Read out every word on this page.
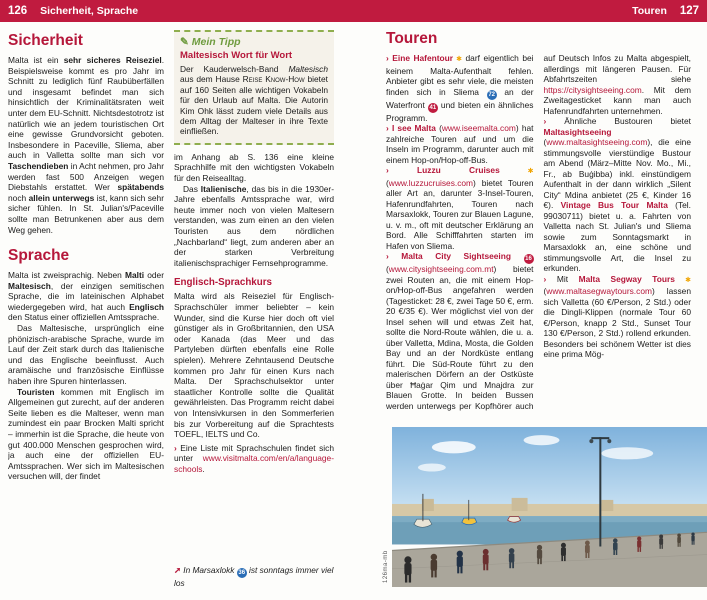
126 Sicherheit, Sprache	Touren 127
Sicherheit

Malta ist ein sehr sicheres Reiseziel. Beispielsweise kommt es pro Jahr im Schnitt zu lediglich fünf Raubüberfällen und insgesamt befindet man sich hinsichtlich der Kriminalitätsraten weit unter dem EU-Schnitt. Nichtsdestotrotz ist natürlich wie an jedem touristischen Ort eine gewisse Grundvorsicht geboten. Insbesondere in Paceville, Sliema, aber auch in Valletta sollte man sich vor Taschendieben in Acht nehmen, pro Jahr werden fast 500 Anzeigen wegen Diebstahls erstattet. Wer spätabends noch allein unterwegs ist, kann sich sehr sicher fühlen. In St. Julian's/Paceville sollte man Betrunkenen aber aus dem Weg gehen.

Sprache

Malta ist zweisprachig. Neben Malti oder Maltesisch, der einzigen semitischen Sprache, die im lateinischen Alphabet wiedergegeben wird, hat auch Englisch den Status einer offiziellen Amtssprache.

Das Maltesische, ursprünglich eine phönizisch-arabische Sprache, wurde im Lauf der Zeit stark durch das Italienische und das Englische beeinflusst. Auch aramäische und französische Einflüsse haben ihre Spuren hinterlassen.

Touristen kommen mit Englisch im Allgemeinen gut zurecht, auf der anderen Seite lieben es die Malteser, wenn man zumindest ein paar Brocken Malti spricht – immerhin ist die Sprache, die heute von gut 400.000 Menschen gesprochen wird, ja auch eine der offiziellen EU-Amtssprachen. Wer sich im Maltesischen versuchen will, der findet

✎ Mein Tipp
Maltesisch Wort für Wort

Der Kauderwelsch-Band Maltesisch aus dem Hause Reise Know-How bietet auf 160 Seiten alle wichtigen Vokabeln für den Urlaub auf Malta. Die Autorin Kim Ohk lässt zudem viele Details aus dem Alltag der Malteser in ihre Texte einfließen.

im Anhang ab S. 136 eine kleine Sprachhilfe mit den wichtigsten Vokabeln für den Reisealltag.

Das Italienische, das bis in die 1930er-Jahre ebenfalls Amtssprache war, wird heute immer noch von vielen Maltesern verstanden, was zum einen an den vielen Touristen aus dem nördlichen „Nachbarland“ liegt, zum anderen aber an der starken Verbreitung italienischsprachiger Fernsehprogramme.

Englisch-Sprachkurs

Malta wird als Reiseziel für Englisch-Sprachschüler immer beliebter – kein Wunder, sind die Kurse hier doch oft viel günstiger als in Großbritannien, den USA oder Kanada (das Meer und das Partyleben dürften ebenfalls eine Rolle spielen). Mehrere Zehntausend Deutsche kommen pro Jahr für einen Kurs nach Malta. Der Sprachschulsektor unter staatlicher Kontrolle sollte die Qualität gewährleisten. Das Programm reicht dabei von Intensivkursen in den Sommerferien bis zur Vorbereitung auf die Sprachtests TOEFL, IELTS und Co.

› Eine Liste mit Sprachschulen findet sich unter www.visitmalta.com/en/a/language-schools.

➚ In Marsaxlokk 36 ist sonntags immer viel los

Touren

› Eine Hafentour ✱ darf eigentlich bei keinem Malta-Aufenthalt fehlen. Anbieter gibt es sehr viele, die meisten finden sich in Sliema 72 an der Waterfront 41 und bieten ein ähnliches Programm.

› I see Malta (www.iseemalta.com) hat zahlreiche Touren auf und um die Inseln im Programm, darunter auch mit einem Hop-on/Hop-off-Bus.

› Luzzu Cruises ✱ (www.luzzucruises.com) bietet Touren aller Art an, darunter 3-Insel-Touren, Hafenrundfahrten, Touren nach Marsaxlokk, Touren zur Blauen Lagune, u. v. m., oft mit deutscher Erklärung an Bord. Alle Schifffahrten starten im Hafen von Sliema.

› Malta City Sightseeing 16 (www.citysightseeing.com.mt) bietet zwei Routen an, die mit einem Hop-on/Hop-off-Bus angefahren werden (Tagesticket: 28 €, zwei Tage 50 €, erm. 20 €/35 €). Wer möglichst viel von der Insel sehen will und etwas Zeit hat, sollte die Nord-Route wählen, die u. a. über Valletta, Mdina, Mosta, die Golden Bay und an der Nordküste entlang führt. Die Süd-Route führt zu den malerischen Dörfern an der Ostküste über Ħaġar Qim und Mnajdra zur Blauen Grotte. In beiden Bussen werden unterwegs per Kopfhörer auch auf Deutsch Infos zu Malta abgespielt, allerdings mit längeren Pausen. Für Abfahrtszeiten siehe https://citysightseeing.com. Mit dem Zweitagesticket kann man auch Hafenrundfahrten unternehmen.

› Ähnliche Bustouren bietet Maltasightseeing (www.maltasightseeing.com), die eine stimmungsvolle vierstündige Bustour am Abend (März–Mitte Nov. Mo., Mi., Fr., ab Buġibba) inkl. einstündigem Aufenthalt in der dann wirklich „Silent City“ Mdina anbietet (25 €, Kinder 16 €). Vintage Bus Tour Malta (Tel. 99030711) bietet u. a. Fahrten von Valletta nach St. Julian's und Sliema sowie zum Sonntagsmarkt in Marsaxlokk an, eine schöne und stimmungsvolle Art, die Insel zu erkunden.

› Mit Malta Segway Tours ✱ (www.maltasegwaytours.com) lassen sich Valletta (60 €/Person, 2 Std.) oder die Dingli-Klippen (normale Tour 60 €/Person, knapp 2 Std., Sunset Tour 130 €/Person, 2 Std.) rollend erkunden. Besonders bei schönem Wetter ist dies eine prima Mög-

126ma-mb
